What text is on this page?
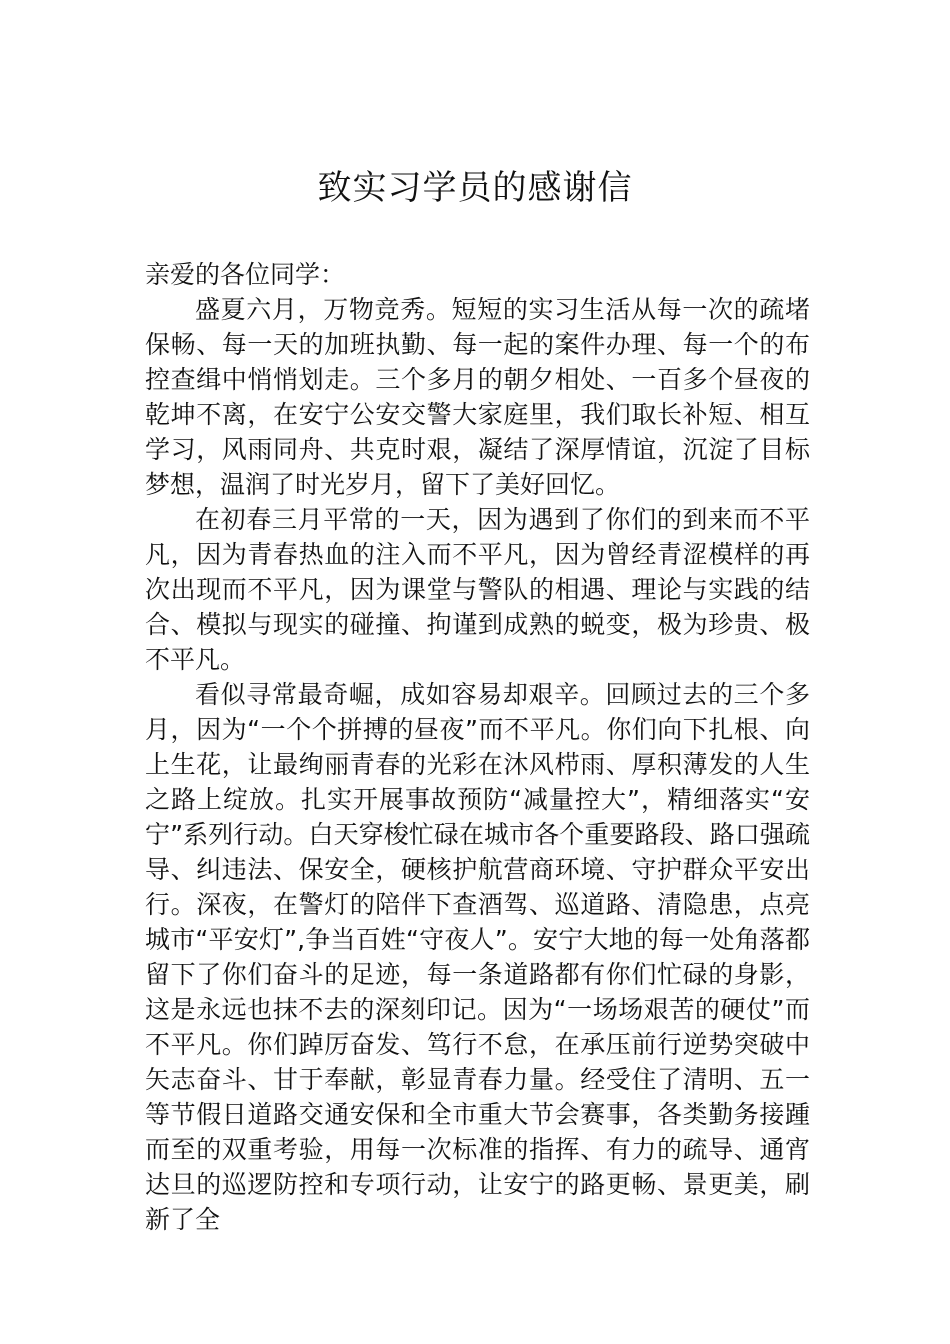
致实习学员的感谢信

亲爱的各位同学：

盛夏六月，万物竞秀。短短的实习生活从每一次的疏堵保畅、每一天的加班执勤、每一起的案件办理、每一个的布控查缉中悄悄划走。三个多月的朝夕相处、一百多个昼夜的乾坤不离，在安宁公安交警大家庭里，我们取长补短、相互学习，风雨同舟、共克时艰，凝结了深厚情谊，沉淀了目标梦想，温润了时光岁月，留下了美好回忆。

在初春三月平常的一天，因为遇到了你们的到来而不平凡，因为青春热血的注入而不平凡，因为曾经青涩模样的再次出现而不平凡，因为课堂与警队的相遇、理论与实践的结合、模拟与现实的碰撞、拘谨到成熟的蜕变，极为珍贵、极不平凡。

看似寻常最奇崛，成如容易却艰辛。回顾过去的三个多月，因为“一个个拼搏的昼夜”而不平凡。你们向下扎根、向上生花，让最绚丽青春的光彩在沐风栉雨、厚积薄发的人生之路上绽放。扎实开展事故预防“减量控大”，精细落实“安宁”系列行动。白天穿梭忙碌在城市各个重要路段、路口强疏导、纠违法、保安全，硬核护航营商环境、守护群众平安出行。深夜，在警灯的陪伴下查酒驾、巡道路、清隐患，点亮城市“平安灯”,争当百姓“守夜人”。安宁大地的每一处角落都留下了你们奋斗的足迹，每一条道路都有你们忙碌的身影，这是永远也抹不去的深刻印记。因为“一场场艰苦的硬仗”而不平凡。你们踔厉奋发、笃行不怠，在承压前行逆势突破中矢志奋斗、甘于奉献，彰显青春力量。经受住了清明、五一等节假日道路交通安保和全市重大节会赛事，各类勤务接踵而至的双重考验，用每一次标准的指挥、有力的疏导、通宵达旦的巡逻防控和专项行动，让安宁的路更畅、景更美，刷新了全
